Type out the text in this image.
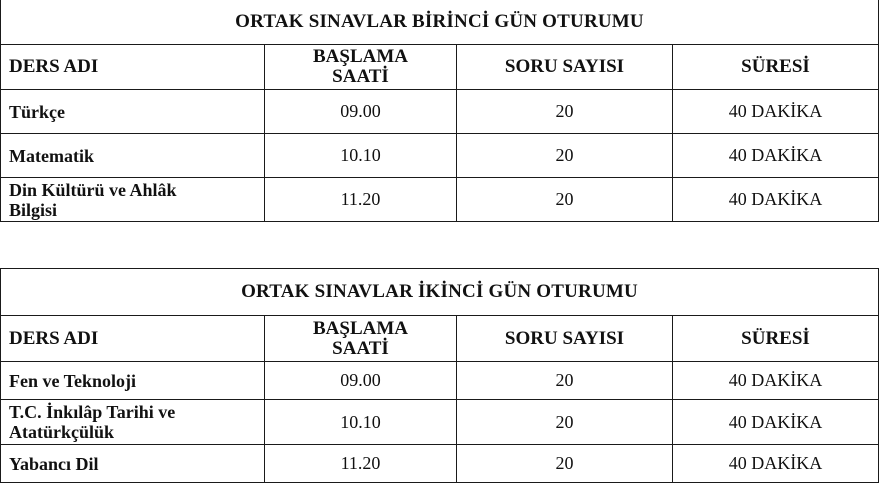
ORTAK SINAVLAR BİRİNCİ GÜN OTURUMU			
DERS ADI	BAŞLAMA SAATİ	SORU SAYISI	SÜRESİ
Türkçe	09.00	20	40 DAKİKA
Matematik	10.10	20	40 DAKİKA
Din Kültürü ve Ahlâk Bilgisi	11.20	20	40 DAKİKA
ORTAK SINAVLAR İKİNCİ GÜN OTURUMU			
DERS ADI	BAŞLAMA SAATİ	SORU SAYISI	SÜRESİ
Fen ve Teknoloji	09.00	20	40 DAKİKA
T.C. İnkılâp Tarihi ve Atatürkçülük	10.10	20	40 DAKİKA
Yabancı Dil	11.20	20	40 DAKİKA
